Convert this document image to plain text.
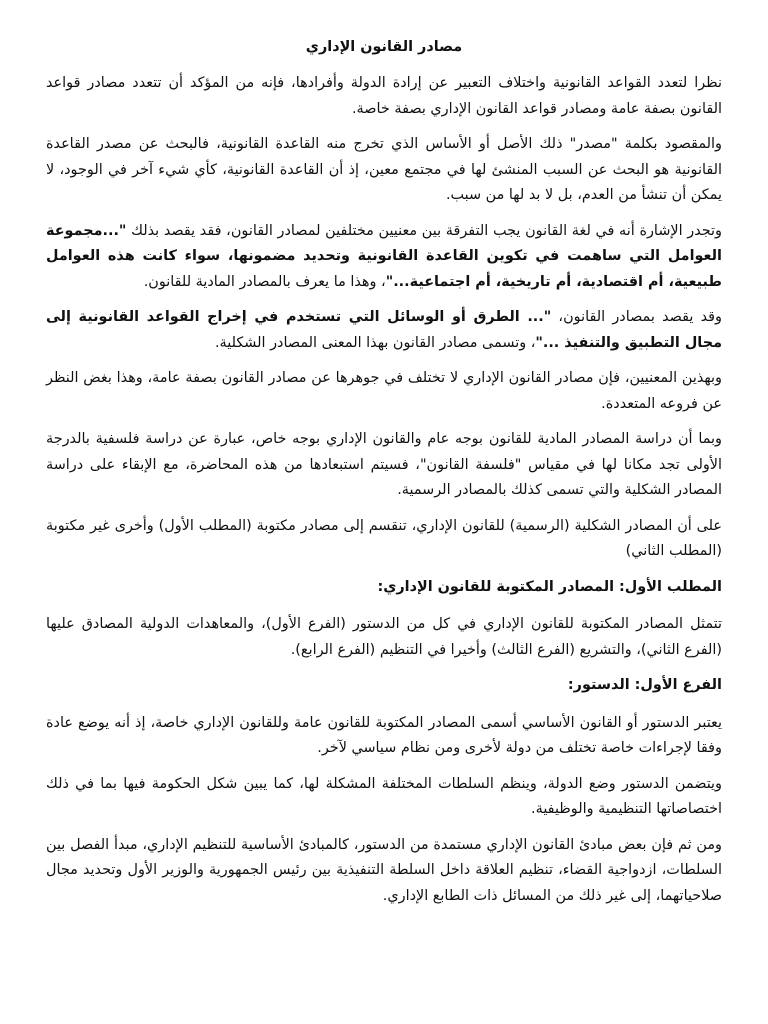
مصادر القانون الإداري
نظرا لتعدد القواعد القانونية واختلاف التعبير عن إرادة الدولة وأفرادها، فإنه من المؤكد أن تتعدد مصادر قواعد القانون بصفة عامة ومصادر قواعد القانون الإداري بصفة خاصة.
والمقصود بكلمة "مصدر" ذلك الأصل أو الأساس الذي تخرج منه القاعدة القانونية، فالبحث عن مصدر القاعدة القانونية هو البحث عن السبب المنشئ لها في مجتمع معين، إذ أن القاعدة القانونية، كأي شيء آخر في الوجود، لا يمكن أن تنشأ من العدم، بل لا بد لها من سبب.
وتجدر الإشارة أنه في لغة القانون يجب التفرقة بين معنيين مختلفين لمصادر القانون، فقد يقصد بذلك "...مجموعة العوامل التي ساهمت في تكوين القاعدة القانونية وتحديد مضمونها، سواء كانت هذه العوامل طبيعية، أم اقتصادية، أم تاريخية، أم اجتماعية..."، وهذا ما يعرف بالمصادر المادية للقانون.
وقد يقصد بمصادر القانون، "... الطرق أو الوسائل التي تستخدم في إخراج القواعد القانونية إلى مجال التطبيق والتنفيذ ..."، وتسمى مصادر القانون بهذا المعنى المصادر الشكلية.
وبهذين المعنيين، فإن مصادر القانون الإداري لا تختلف في جوهرها عن مصادر القانون بصفة عامة، وهذا بغض النظر عن فروعه المتعددة.
وبما أن دراسة المصادر المادية للقانون بوجه عام والقانون الإداري بوجه خاص، عبارة عن دراسة فلسفية بالدرجة الأولى تجد مكانا لها في مقياس "فلسفة القانون"، فسيتم استبعادها من هذه المحاضرة، مع الإبقاء على دراسة المصادر الشكلية والتي تسمى كذلك بالمصادر الرسمية.
على أن المصادر الشكلية (الرسمية) للقانون الإداري، تنقسم إلى مصادر مكتوبة (المطلب الأول) وأخرى غير مكتوبة (المطلب الثاني)
المطلب الأول: المصادر المكتوبة للقانون الإداري:
تتمثل المصادر المكتوبة للقانون الإداري في كل من الدستور (الفرع الأول)، والمعاهدات الدولية المصادق عليها (الفرع الثاني)، والتشريع (الفرع الثالث) وأخيرا في التنظيم (الفرع الرابع).
الفرع الأول: الدستور:
يعتبر الدستور أو القانون الأساسي أسمى المصادر المكتوبة للقانون عامة وللقانون الإداري خاصة، إذ أنه يوضع عادة وفقا لإجراءات خاصة تختلف من دولة لأخرى ومن نظام سياسي لآخر.
ويتضمن الدستور وضع الدولة، وينظم السلطات المختلفة المشكلة لها، كما يبين شكل الحكومة فيها بما في ذلك اختصاصاتها التنظيمية والوظيفية.
ومن ثم فإن بعض مبادئ القانون الإداري مستمدة من الدستور، كالمبادئ الأساسية للتنظيم الإداري، مبدأ الفصل بين السلطات، ازدواجية القضاء، تنظيم العلاقة داخل السلطة التنفيذية بين رئيس الجمهورية والوزير الأول وتحديد مجال صلاحياتهما، إلى غير ذلك من المسائل ذات الطابع الإداري.
